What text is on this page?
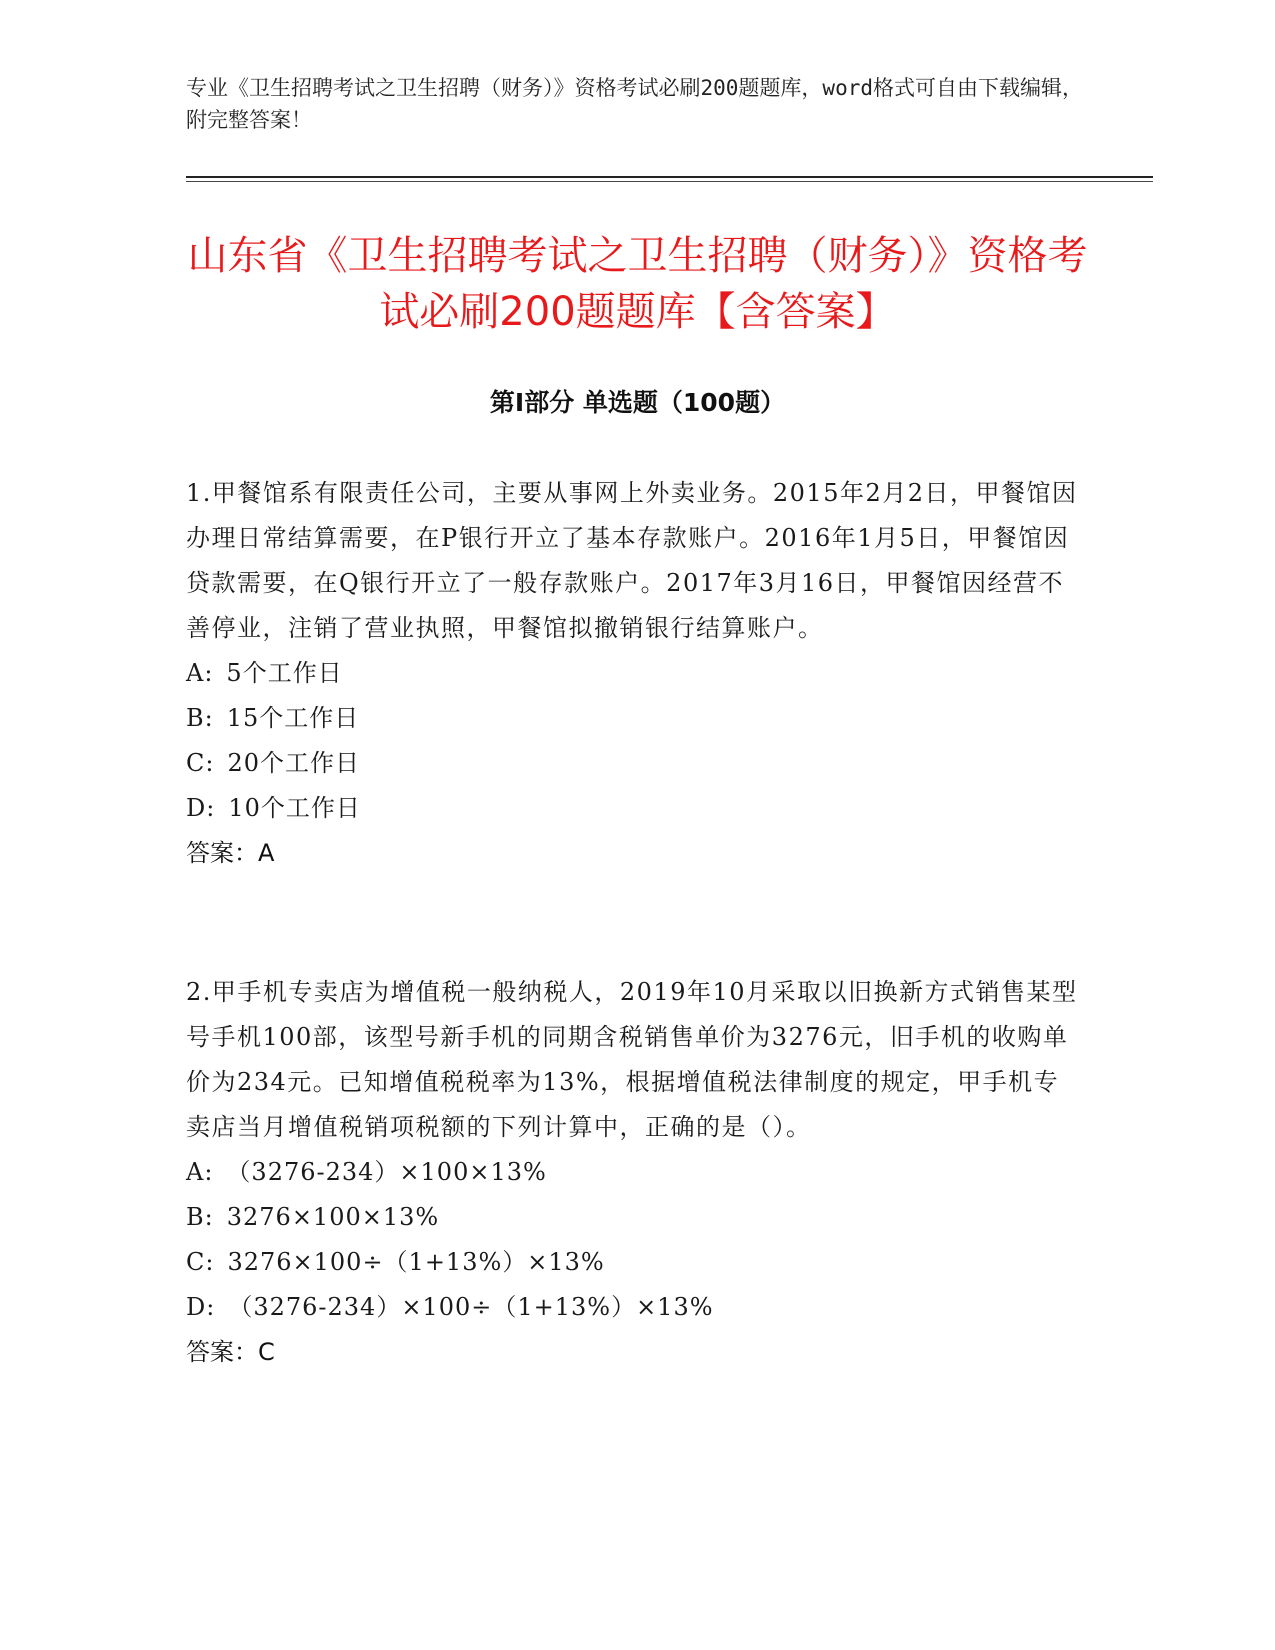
专业《卫生招聘考试之卫生招聘（财务）》资格考试必刷200题题库，word格式可自由下载编辑，附完整答案！
山东省《卫生招聘考试之卫生招聘（财务）》资格考试必刷200题题库【含答案】
第Ⅰ部分 单选题（100题）

1.甲餐馆系有限责任公司，主要从事网上外卖业务。2015年2月2日，甲餐馆因办理日常结算需要，在P银行开立了基本存款账户。2016年1月5日，甲餐馆因贷款需要，在Q银行开立了一般存款账户。2017年3月16日，甲餐馆因经营不善停业，注销了营业执照，甲餐馆拟撤销银行结算账户。

A:
  5个工作日

B:
  15个工作日

C:
  20个工作日

D:
  10个工作日

答案： A

2.甲手机专卖店为增值税一般纳税人，2019年10月采取以旧换新方式销售某型号手机100部，该型号新手机的同期含税销售单价为3276元，旧手机的收购单价为234元。已知增值税税率为13%，根据增值税法律制度的规定，甲手机专卖店当月增值税销项税额的下列计算中，正确的是（）。

A:
  （3276-234）×100×13%

B:
  3276×100×13%

C:
  3276×100÷（1+13%）×13%

D:
  （3276-234）×100÷（1+13%）×13%

答案： C
